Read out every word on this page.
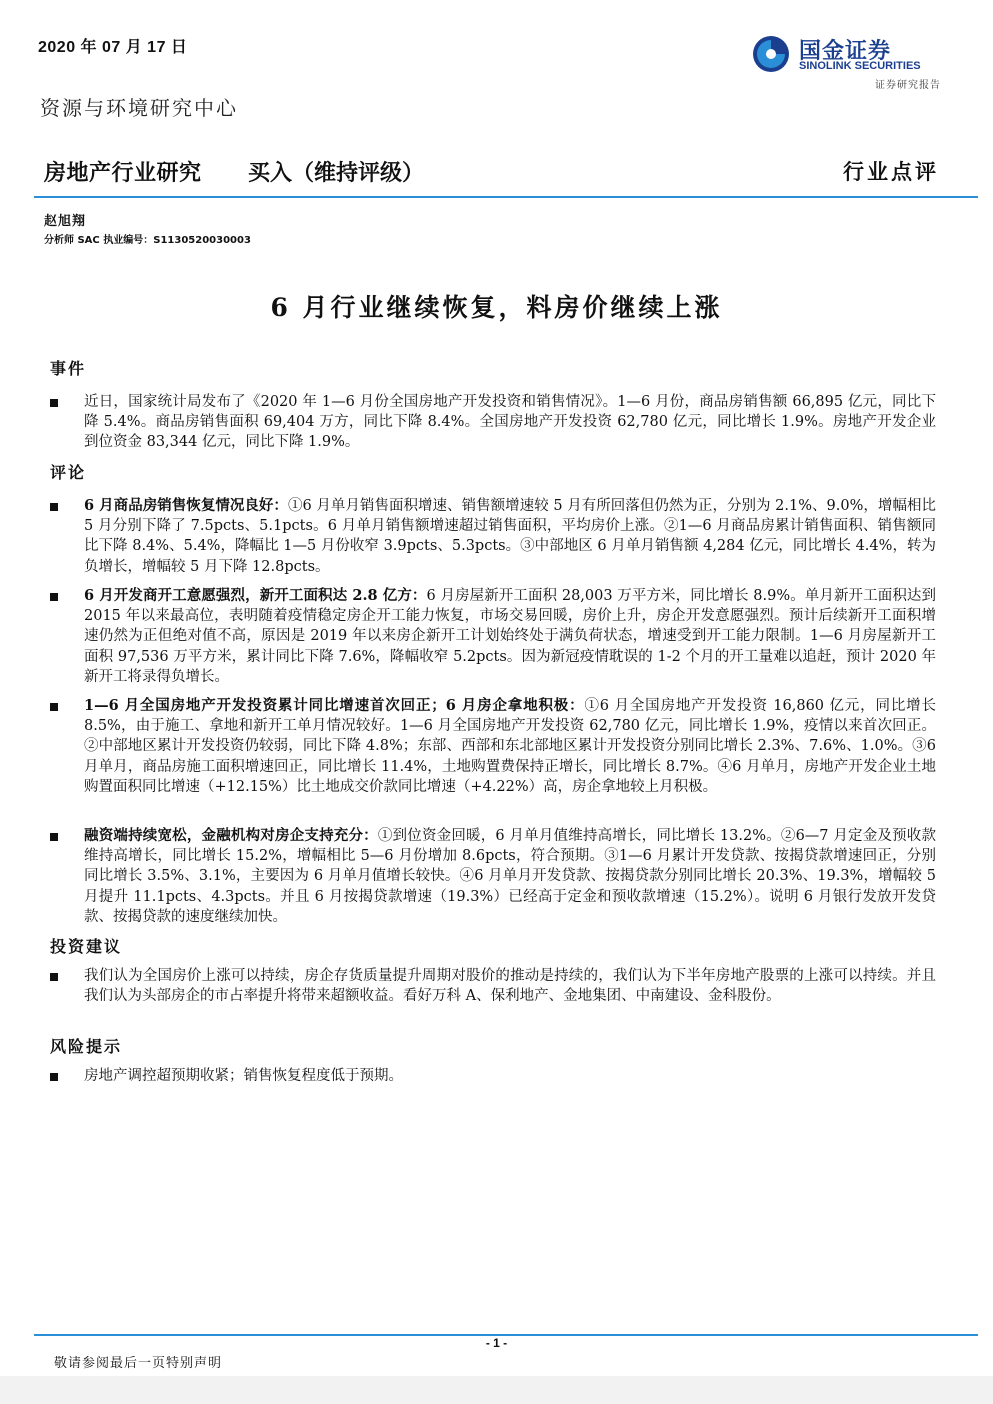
2020 年 07 月 17 日	国金证券
SINOLINK SECURITIES
证券研究报告
资源与环境研究中心
房地产行业研究 买入（维持评级）	行业点评
赵旭翔
分析师 SAC 执业编号：S1130520030003
6 月行业继续恢复，料房价继续上涨
事件
近日，国家统计局发布了《2020 年 1—6 月份全国房地产开发投资和销售情况》。1—6 月份，商品房销售额 66,895 亿元，同比下降 5.4%。商品房销售面积 69,404 万方，同比下降 8.4%。全国房地产开发投资 62,780 亿元，同比增长 1.9%。房地产开发企业到位资金 83,344 亿元，同比下降 1.9%。
评论
6 月商品房销售恢复情况良好：①6 月单月销售面积增速、销售额增速较 5 月有所回落但仍然为正，分别为 2.1%、9.0%，增幅相比 5 月分别下降了 7.5pcts、5.1pcts。6 月单月销售额增速超过销售面积，平均房价上涨。②1—6 月商品房累计销售面积、销售额同比下降 8.4%、5.4%，降幅比 1—5 月份收窄 3.9pcts、5.3pcts。③中部地区 6 月单月销售额 4,284 亿元，同比增长 4.4%，转为负增长，增幅较 5 月下降 12.8pcts。
6 月开发商开工意愿强烈，新开工面积达 2.8 亿方：6 月房屋新开工面积 28,003 万平方米，同比增长 8.9%。单月新开工面积达到 2015 年以来最高位，表明随着疫情稳定房企开工能力恢复，市场交易回暖，房价上升，房企开发意愿强烈。预计后续新开工面积增速仍然为正但绝对值不高，原因是 2019 年以来房企新开工计划始终处于满负荷状态，增速受到开工能力限制。1—6 月房屋新开工面积 97,536 万平方米，累计同比下降 7.6%，降幅收窄 5.2pcts。因为新冠疫情耽误的 1-2 个月的开工量难以追赶，预计 2020 年新开工将录得负增长。
1—6 月全国房地产开发投资累计同比增速首次回正；6 月房企拿地积极：①6 月全国房地产开发投资 16,860 亿元，同比增长 8.5%，由于施工、拿地和新开工单月情况较好。1—6 月全国房地产开发投资 62,780 亿元，同比增长 1.9%，疫情以来首次回正。②中部地区累计开发投资仍较弱，同比下降 4.8%；东部、西部和东北部地区累计开发投资分别同比增长 2.3%、7.6%、1.0%。③6 月单月，商品房施工面积增速回正，同比增长 11.4%，土地购置费保持正增长，同比增长 8.7%。④6 月单月，房地产开发企业土地购置面积同比增速（+12.15%）比土地成交价款同比增速（+4.22%）高，房企拿地较上月积极。
融资端持续宽松，金融机构对房企支持充分：①到位资金回暖，6 月单月值维持高增长，同比增长 13.2%。②6—7 月定金及预收款维持高增长，同比增长 15.2%，增幅相比 5—6 月份增加 8.6pcts，符合预期。③1—6 月累计开发贷款、按揭贷款增速回正，分别同比增长 3.5%、3.1%，主要因为 6 月单月值增长较快。④6 月单月开发贷款、按揭贷款分别同比增长 20.3%、19.3%，增幅较 5 月提升 11.1pcts、4.3pcts。并且 6 月按揭贷款增速（19.3%）已经高于定金和预收款增速（15.2%）。说明 6 月银行发放开发贷款、按揭贷款的速度继续加快。
投资建议
我们认为全国房价上涨可以持续，房企存货质量提升周期对股价的推动是持续的，我们认为下半年房地产股票的上涨可以持续。并且我们认为头部房企的市占率提升将带来超额收益。看好万科 A、保利地产、金地集团、中南建设、金科股份。
风险提示
房地产调控超预期收紧；销售恢复程度低于预期。
- 1 -
敬请参阅最后一页特别声明
